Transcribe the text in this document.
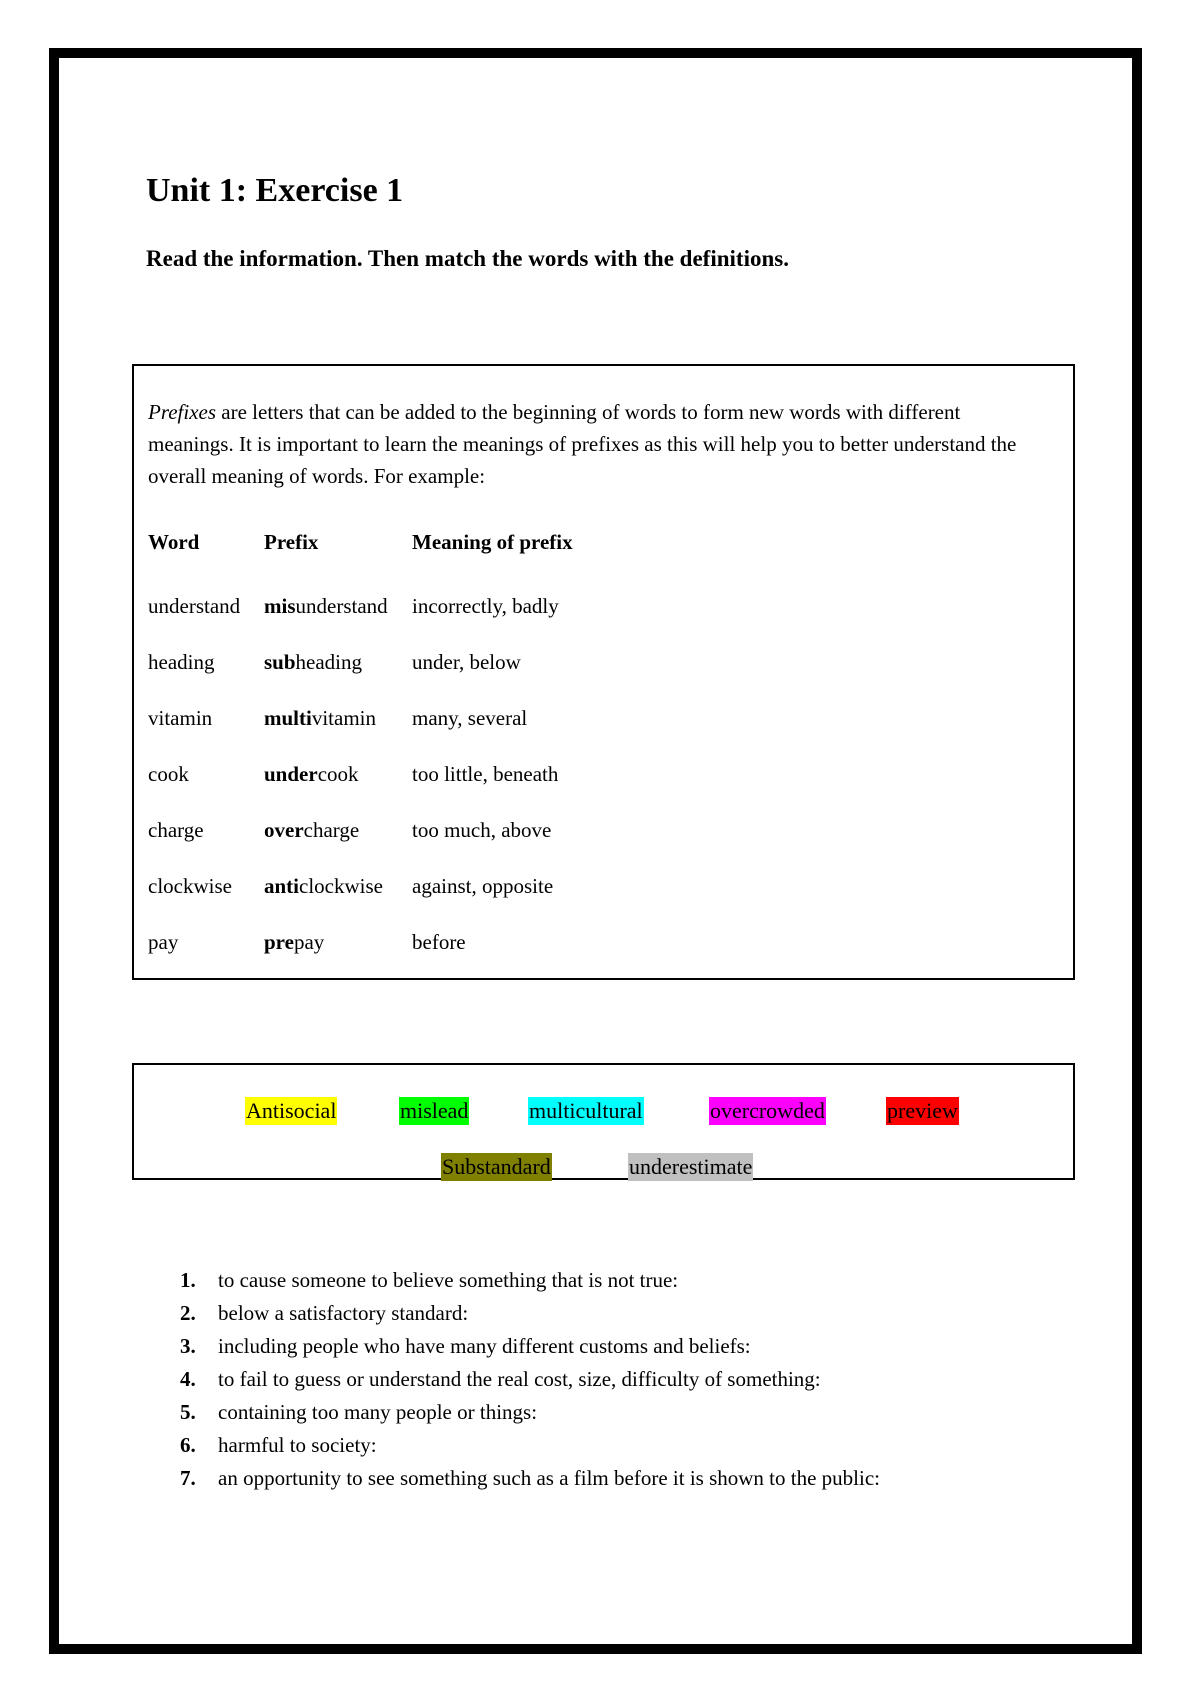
Unit 1: Exercise 1

Read the information. Then match the words with the definitions.

Prefixes are letters that can be added to the beginning of words to form new words with different meanings. It is important to learn the meanings of prefixes as this will help you to better understand the overall meaning of words. For example:

Word	Prefix	Meaning of prefix

understand	misunderstand	incorrectly, badly
heading	subheading	under, below
vitamin	multivitamin	many, several
cook	undercook	too little, beneath
charge	overcharge	too much, above
clockwise	anticlockwise	against, opposite
pay	prepay	before
Antisocial	mislead	multicultural	overcrowded	preview
Substandard	underestimate
1. to cause someone to believe something that is not true:
2. below a satisfactory standard:
3. including people who have many different customs and beliefs:
4. to fail to guess or understand the real cost, size, difficulty of something:
5. containing too many people or things:
6. harmful to society:
7. an opportunity to see something such as a film before it is shown to the public:
